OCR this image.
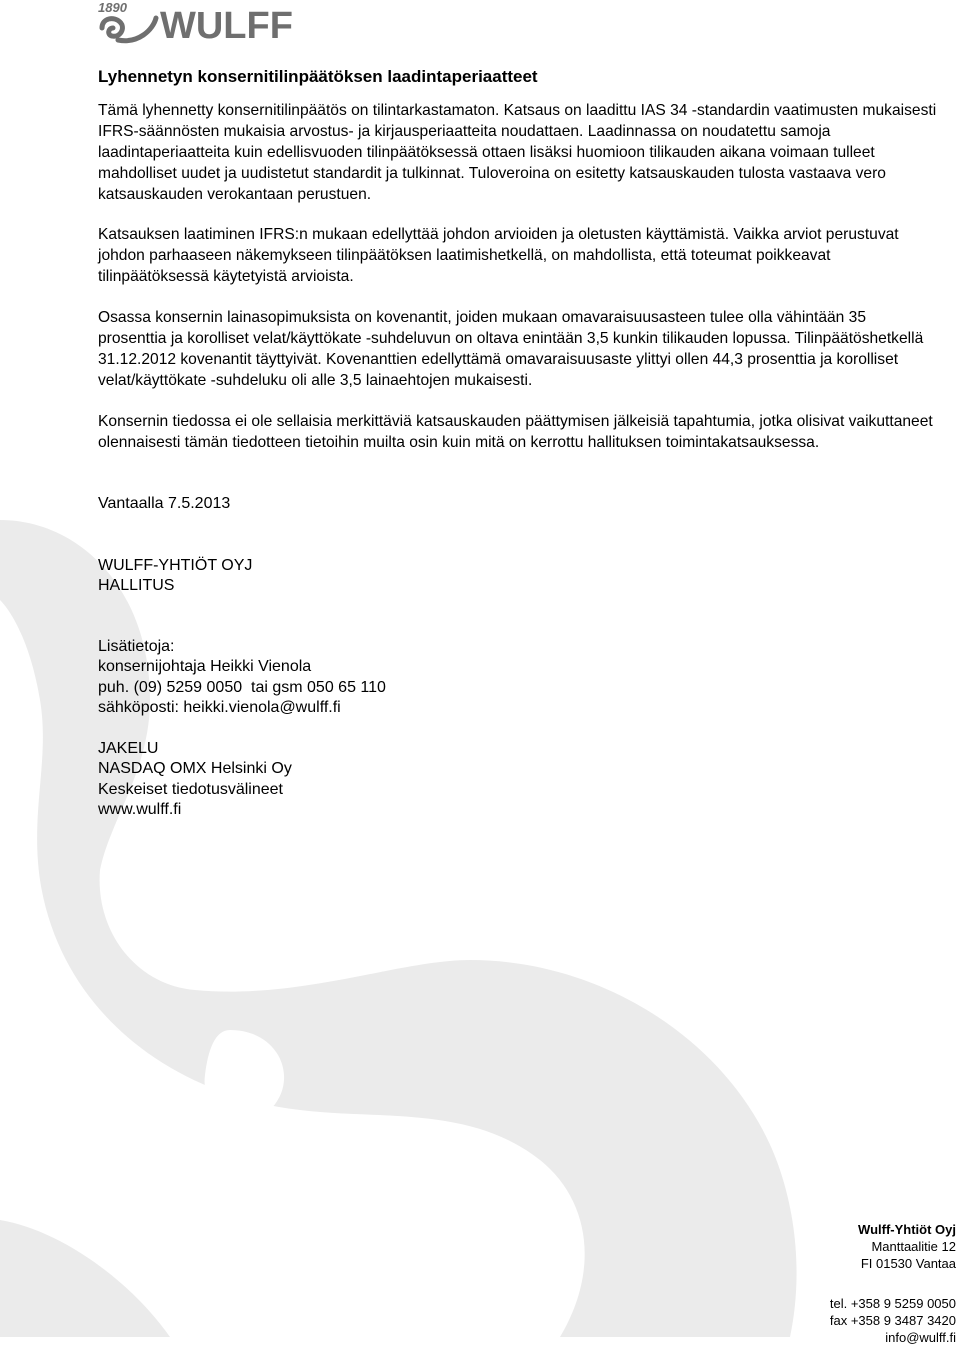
1890 WULFF
Lyhennetyn konsernitilinpäätöksen laadintaperiaatteet
Tämä lyhennetty konsernitilinpäätös on tilintarkastamaton. Katsaus on laadittu IAS 34 -standardin vaatimusten mukaisesti IFRS-säännösten mukaisia arvostus- ja kirjausperiaatteita noudattaen. Laadinnassa on noudatettu samoja laadintaperiaatteita kuin edellisvuoden tilinpäätöksessä ottaen lisäksi huomioon tilikauden aikana voimaan tulleet mahdolliset uudet ja uudistetut standardit ja tulkinnat. Tuloveroina on esitetty katsauskauden tulosta vastaava vero katsauskauden verokantaan perustuen.
Katsauksen laatiminen IFRS:n mukaan edellyttää johdon arvioiden ja oletusten käyttämistä. Vaikka arviot perustuvat johdon parhaaseen näkemykseen tilinpäätöksen laatimishetkellä, on mahdollista, että toteumat poikkeavat tilinpäätöksessä käytetyistä arvioista.
Osassa konsernin lainasopimuksista on kovenantit, joiden mukaan omavaraisuusasteen tulee olla vähintään 35 prosenttia ja korolliset velat/käyttökate -suhdeluvun on oltava enintään 3,5 kunkin tilikauden lopussa. Tilinpäätöshetkellä 31.12.2012 kovenantit täyttyivät. Kovenanttien edellyttämä omavaraisuusaste ylittyi ollen 44,3 prosenttia ja korolliset velat/käyttökate -suhdeluku oli alle 3,5 lainaehtojen mukaisesti.
Konsernin tiedossa ei ole sellaisia merkittäviä katsauskauden päättymisen jälkeisiä tapahtumia, jotka olisivat vaikuttaneet olennaisesti tämän tiedotteen tietoihin muilta osin kuin mitä on kerrottu hallituksen toimintakatsauksessa.
Vantaalla 7.5.2013
WULFF-YHTIÖT OYJ
HALLITUS
Lisätietoja:
konsernijohtaja Heikki Vienola
puh. (09) 5259 0050  tai gsm 050 65 110
sähköposti: heikki.vienola@wulff.fi
JAKELU
NASDAQ OMX Helsinki Oy
Keskeiset tiedotusvälineet
www.wulff.fi
Wulff-Yhtiöt Oyj
Manttaalitie 12
FI 01530 Vantaa
tel. +358 9 5259 0050
fax +358 9 3487 3420
info@wulff.fi
